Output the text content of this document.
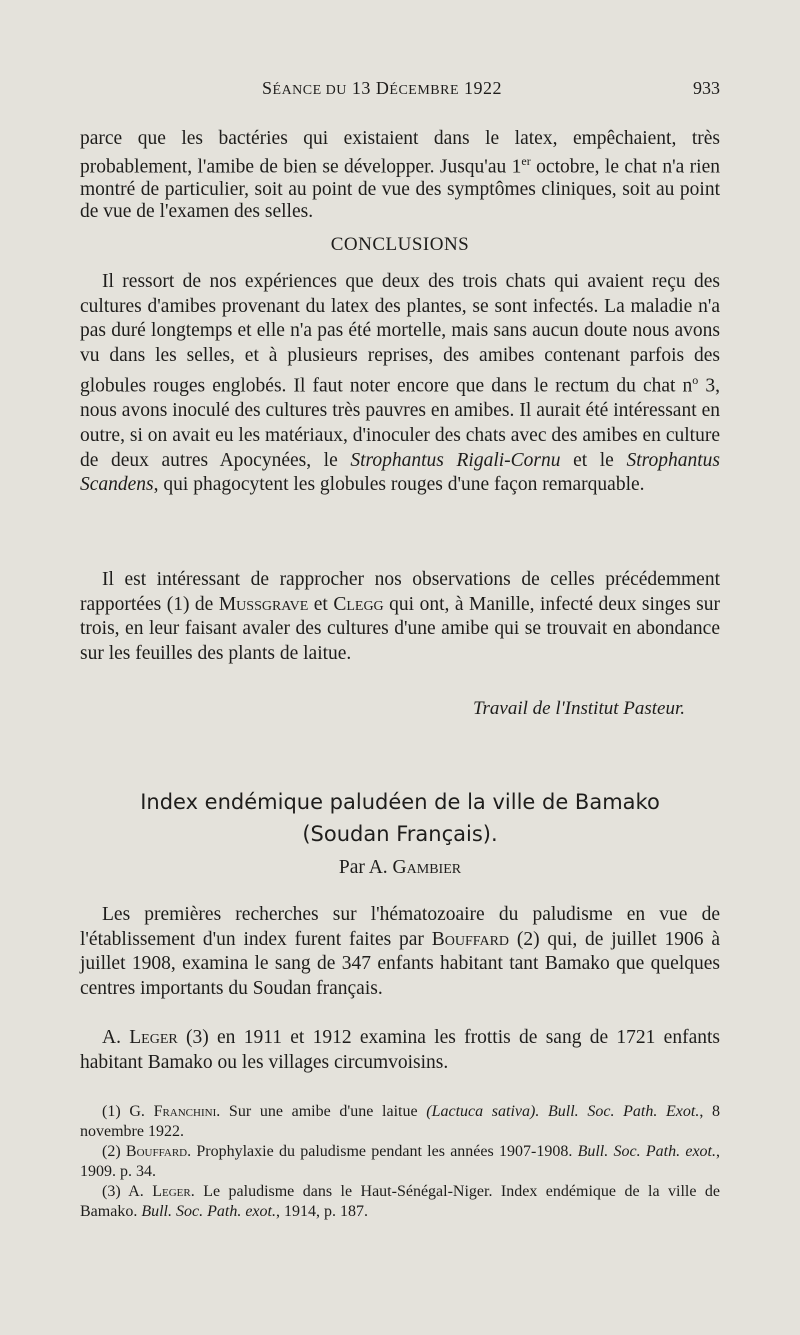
SÉANCE DU 13 DÉCEMBRE 1922	933

parce que les bactéries qui existaient dans le latex, empêchaient, très probablement, l'amibe de bien se développer. Jusqu'au 1er octobre, le chat n'a rien montré de particulier, soit au point de vue des symptômes cliniques, soit au point de vue de l'examen des selles.

CONCLUSIONS

Il ressort de nos expériences que deux des trois chats qui avaient reçu des cultures d'amibes provenant du latex des plantes, se sont infectés. La maladie n'a pas duré longtemps et elle n'a pas été mortelle, mais sans aucun doute nous avons vu dans les selles, et à plusieurs reprises, des amibes contenant parfois des globules rouges englobés. Il faut noter encore que dans le rectum du chat $n^o$ 3, nous avons inoculé des cultures très pauvres en amibes. Il aurait été intéressant en outre, si on avait eu les matériaux, d'inoculer des chats avec des amibes en culture de deux autres Apocynées, le Strophantus Rigali-Cornu et le Strophantus Scandens, qui phagocytent les globules rouges d'une façon remarquable.

Il est intéressant de rapprocher nos observations de celles précédemment rapportées (1) de Mussgrave et Clegg qui ont, à Manille, infecté deux singes sur trois, en leur faisant avaler des cultures d'une amibe qui se trouvait en abondance sur les feuilles des plants de laitue.

Travail de l'Institut Pasteur.
Index endémique paludéen de la ville de Bamako
(Soudan Français).
Par A. Gambier

Les premières recherches sur l'hématozoaire du paludisme en vue de l'établissement d'un index furent faites par Bouffard (2) qui, de juillet 1906 à juillet 1908, examina le sang de 347 enfants habitant tant Bamako que quelques centres importants du Soudan français.

A. Leger (3) en 1911 et 1912 examina les frottis de sang de 1721 enfants habitant Bamako ou les villages circumvoisins.

(1) G. Franchini. Sur une amibe d'une laitue (Lactuca sativa). Bull. Soc. Path. Exot., 8 novembre 1922.
(2) Bouffard. Prophylaxie du paludisme pendant les années 1907-1908. Bull. Soc. Path. exot., 1909. p. 34.
(3) A. Leger. Le paludisme dans le Haut-Sénégal-Niger. Index endémique de la ville de Bamako. Bull. Soc. Path. exot., 1914, p. 187.
